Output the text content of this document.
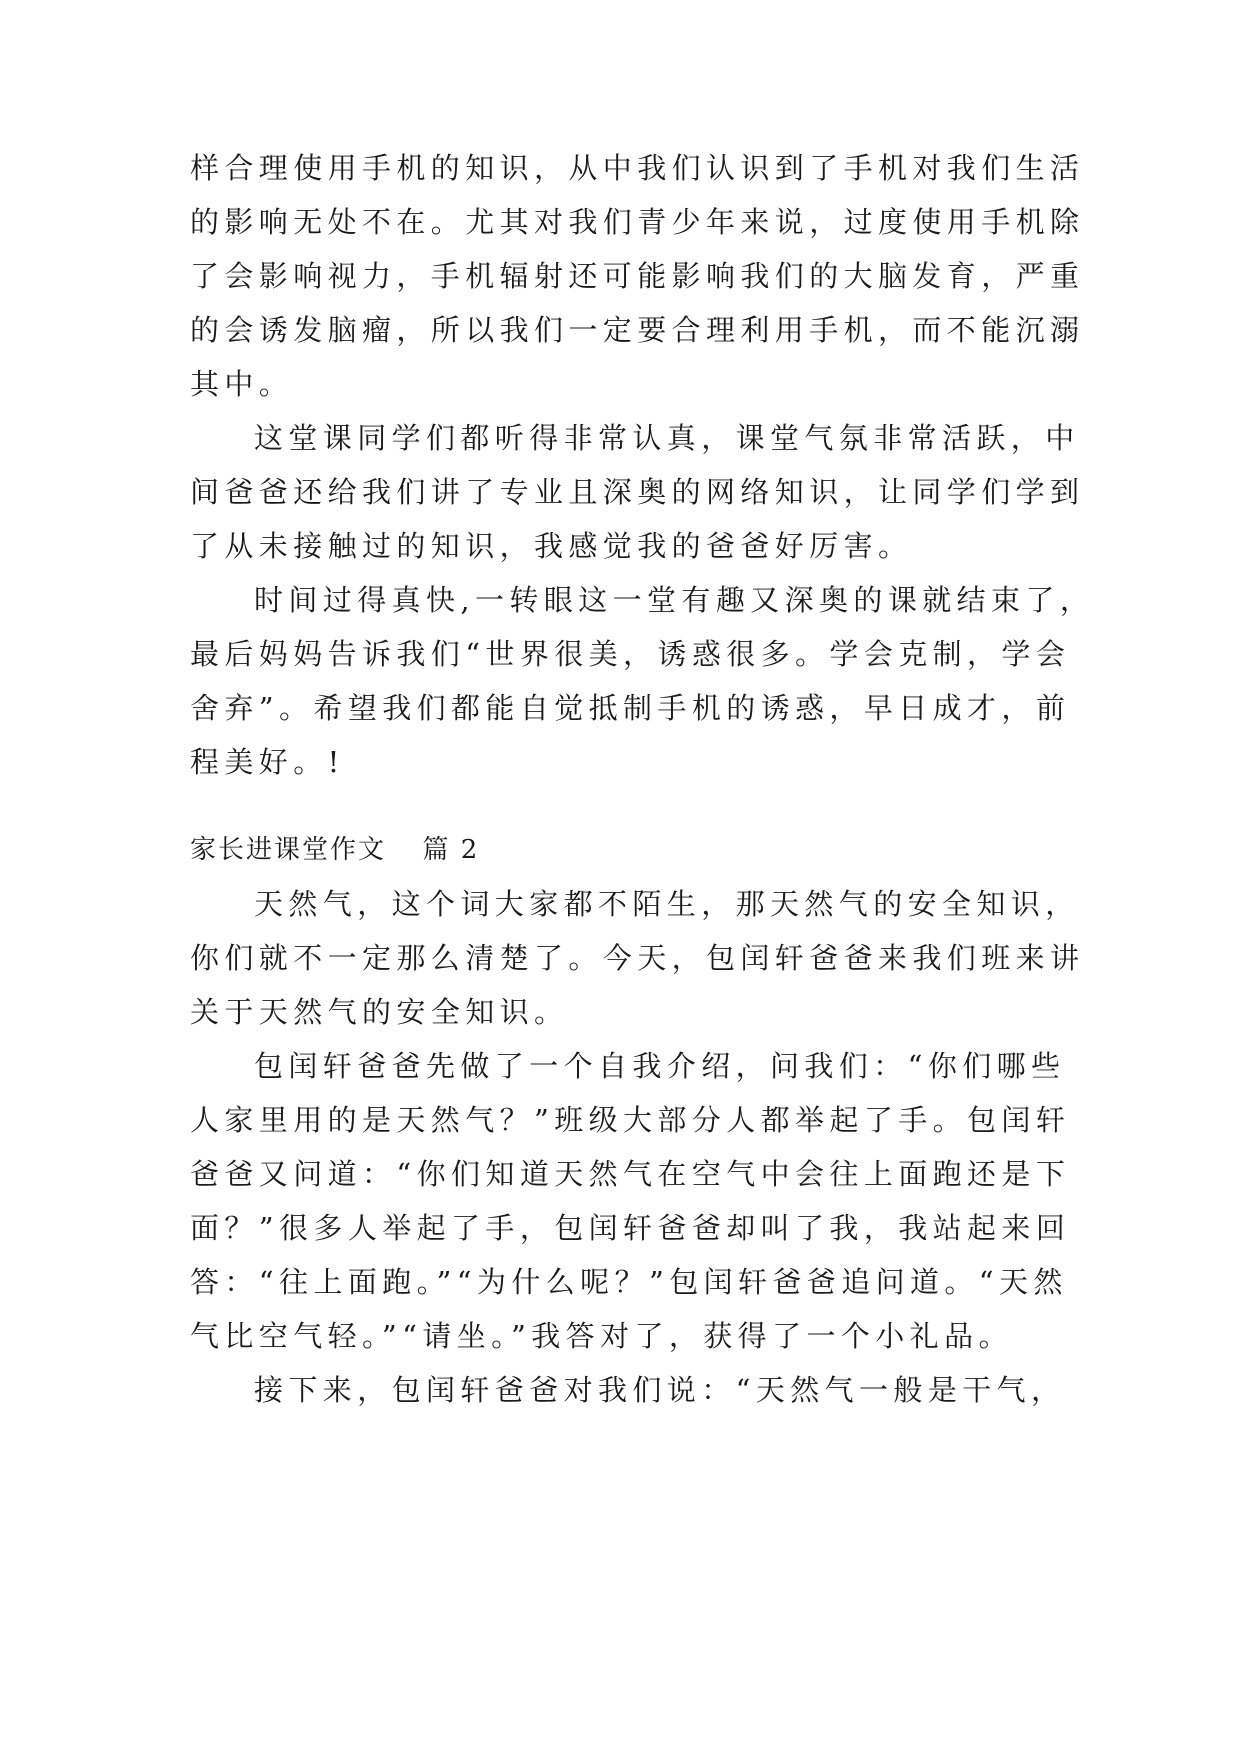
样合理使用手机的知识，从中我们认识到了手机对我们生活
的影响无处不在。尤其对我们青少年来说，过度使用手机除
了会影响视力，手机辐射还可能影响我们的大脑发育，严重
的会诱发脑瘤，所以我们一定要合理利用手机，而不能沉溺
其中。
这堂课同学们都听得非常认真，课堂气氛非常活跃，中
间爸爸还给我们讲了专业且深奥的网络知识，让同学们学到
了从未接触过的知识，我感觉我的爸爸好厉害。
时间过得真快,一转眼这一堂有趣又深奥的课就结束了，
最后妈妈告诉我们“世界很美，诱惑很多。学会克制，学会
舍弃”。希望我们都能自觉抵制手机的诱惑，早日成才，前
程美好。!
家长进课堂作文 篇 2
天然气，这个词大家都不陌生，那天然气的安全知识，
你们就不一定那么清楚了。今天，包闰轩爸爸来我们班来讲
关于天然气的安全知识。
包闰轩爸爸先做了一个自我介绍，问我们：“你们哪些
人家里用的是天然气？”班级大部分人都举起了手。包闰轩
爸爸又问道：“你们知道天然气在空气中会往上面跑还是下
面？”很多人举起了手，包闰轩爸爸却叫了我，我站起来回
答：“往上面跑。”“为什么呢？”包闰轩爸爸追问道。“天然
气比空气轻。”“请坐。”我答对了，获得了一个小礼品。
接下来，包闰轩爸爸对我们说：“天然气一般是干气，
